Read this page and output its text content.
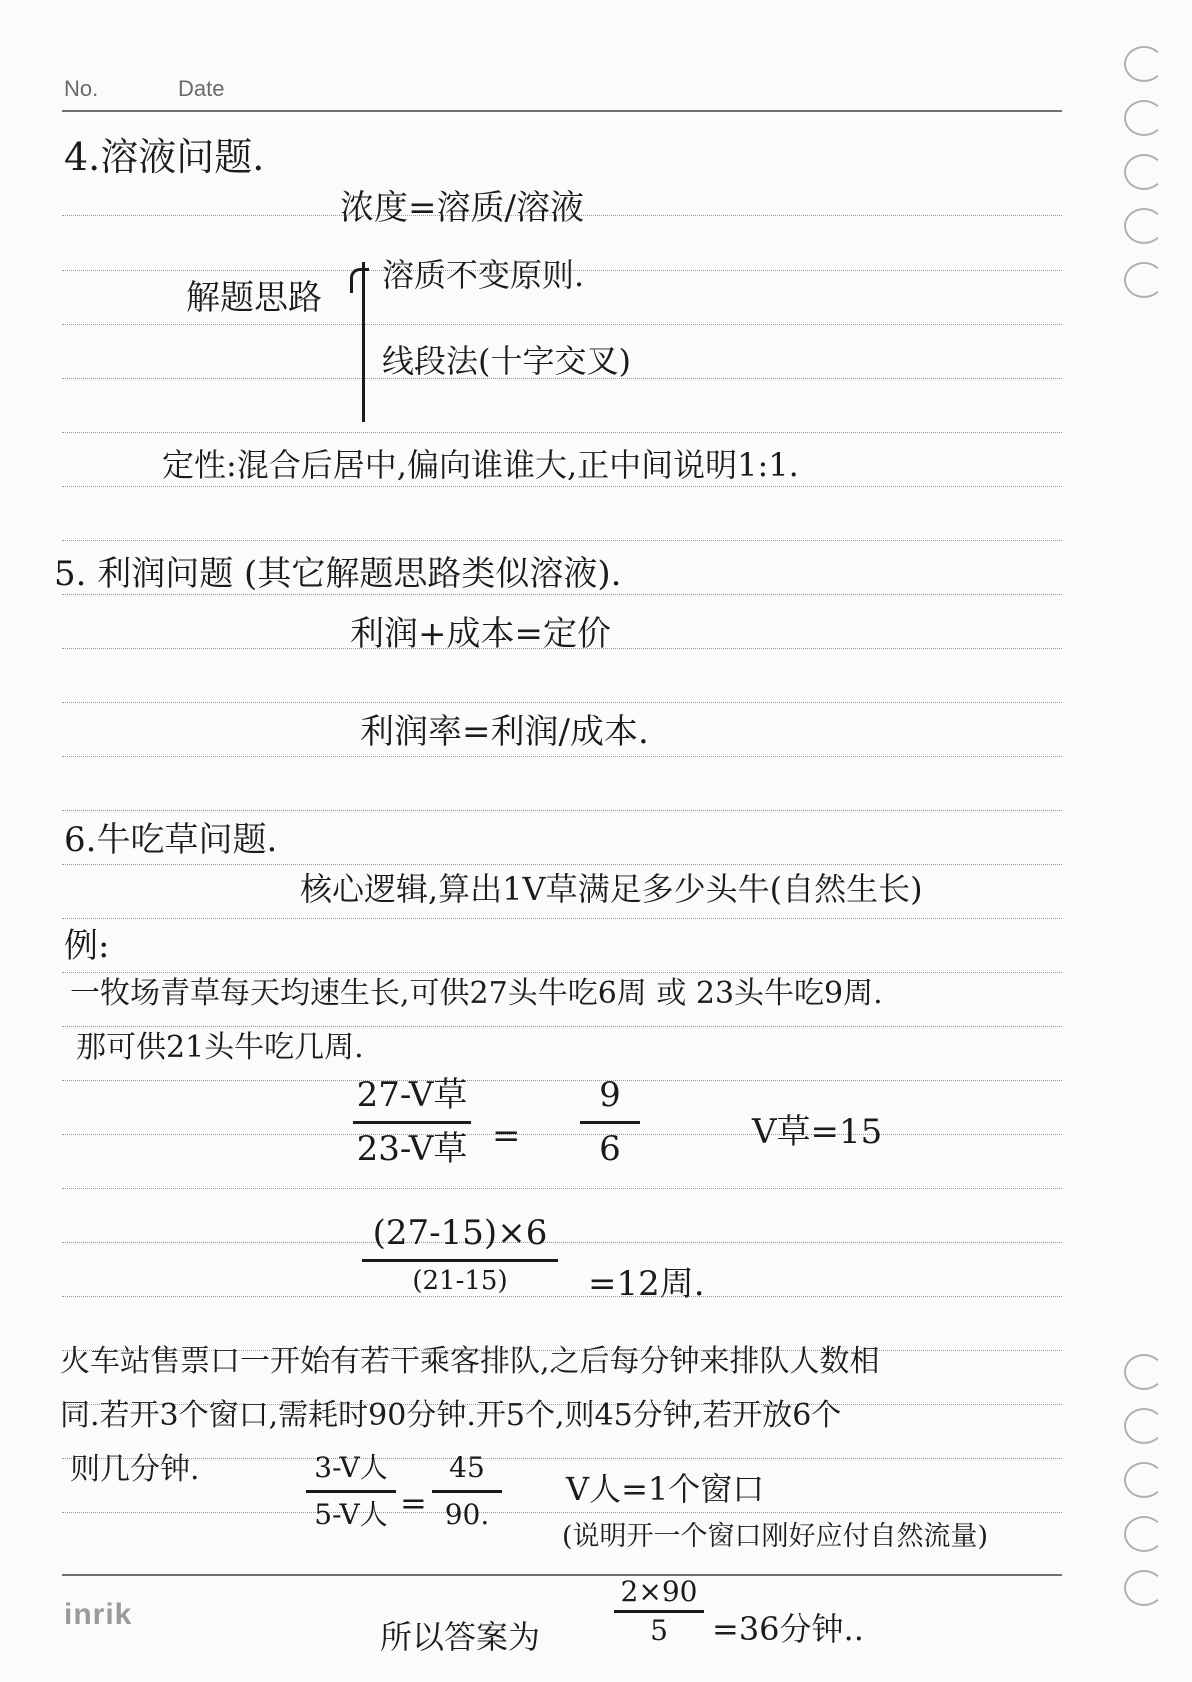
No.	Date
4.溶液问题.
浓度=溶质/溶液
解题思路
溶质不变原则.
线段法(十字交叉)
定性:混合后居中,偏向谁谁大,正中间说明1:1.
5. 利润问题 (其它解题思路类似溶液).
利润+成本=定价
利润率=利润/成本.
6.牛吃草问题.
核心逻辑,算出1V草满足多少头牛(自然生长)
例:
一牧场青草每天均速生长,可供27头牛吃6周 或 23头牛吃9周.
那可供21头牛吃几周.
27-V草
23-V草 =
9
6	V草=15
(27-15)×6
(21-15) =12周.
火车站售票口一开始有若干乘客排队,之后每分钟来排队人数相
同.若开3个窗口,需耗时90分钟.开5个,则45分钟,若开放6个
则几分钟.	3-V人
5-V人 =
45
90.
V人=1个窗口
(说明开一个窗口刚好应付自然流量)
所以答案为
2×90
5 =36分钟..
inrik
